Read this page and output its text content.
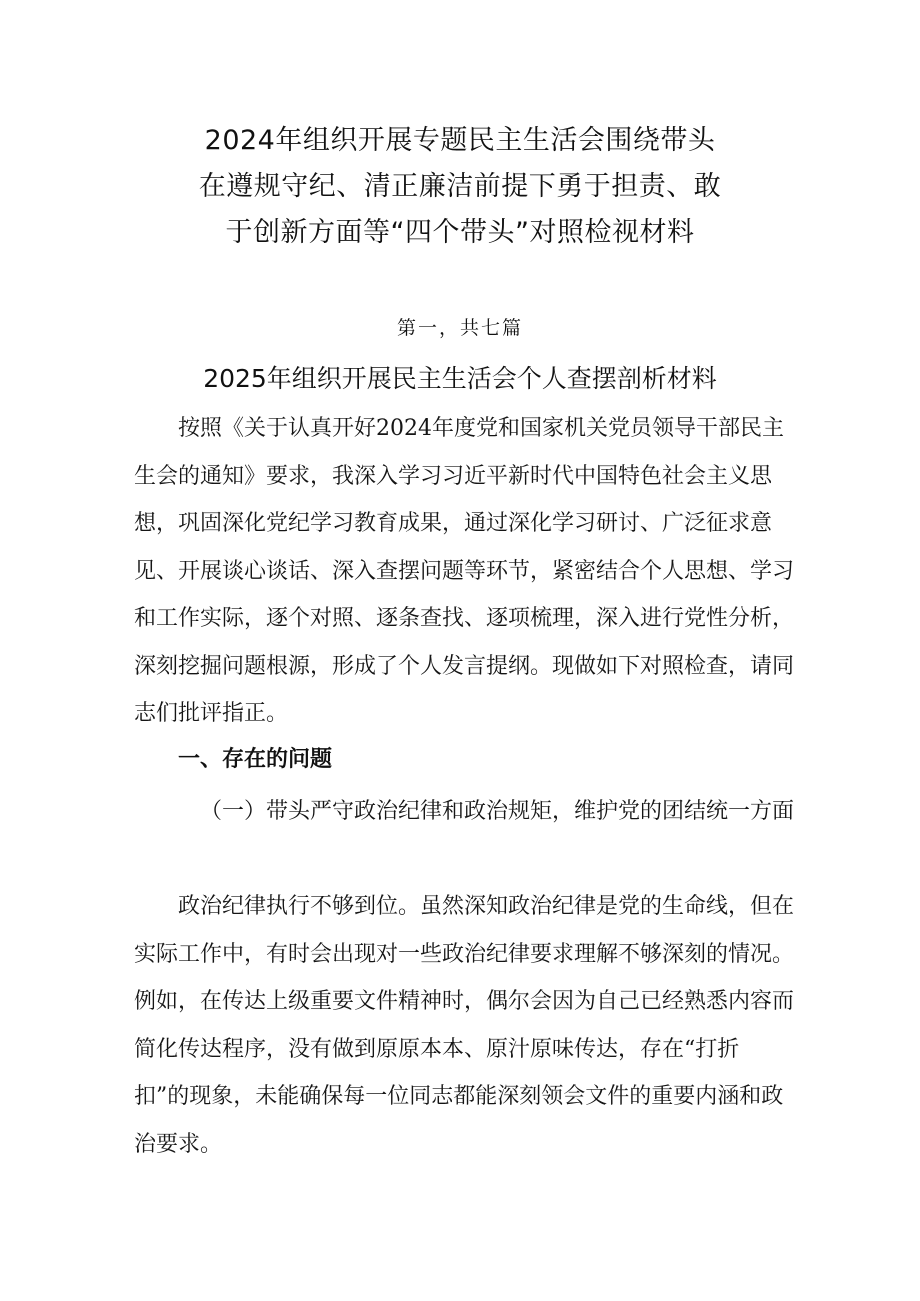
2024年组织开展专题民主生活会围绕带头

在遵规守纪、清正廉洁前提下勇于担责、敢

于创新方面等“四个带头”对照检视材料

第一，共七篇
2025年组织开展民主生活会个人查摆剖析材料

按照《关于认真开好2024年度党和国家机关党员领导干部民主生会的通知》要求，我深入学习习近平新时代中国特色社会主义思想，巩固深化党纪学习教育成果，通过深化学习研讨、广泛征求意见、开展谈心谈话、深入查摆问题等环节，紧密结合个人思想、学习和工作实际，逐个对照、逐条查找、逐项梳理，深入进行党性分析，深刻挖掘问题根源，形成了个人发言提纲。现做如下对照检查，请同志们批评指正。

一、存在的问题

（一）带头严守政治纪律和政治规矩，维护党的团结统一方面

政治纪律执行不够到位。虽然深知政治纪律是党的生命线，但在实际工作中，有时会出现对一些政治纪律要求理解不够深刻的情况。例如，在传达上级重要文件精神时，偶尔会因为自己已经熟悉内容而简化传达程序，没有做到原原本本、原汁原味传达，存在“打折扣”的现象，未能确保每一位同志都能深刻领会文件的重要内涵和政治要求。
